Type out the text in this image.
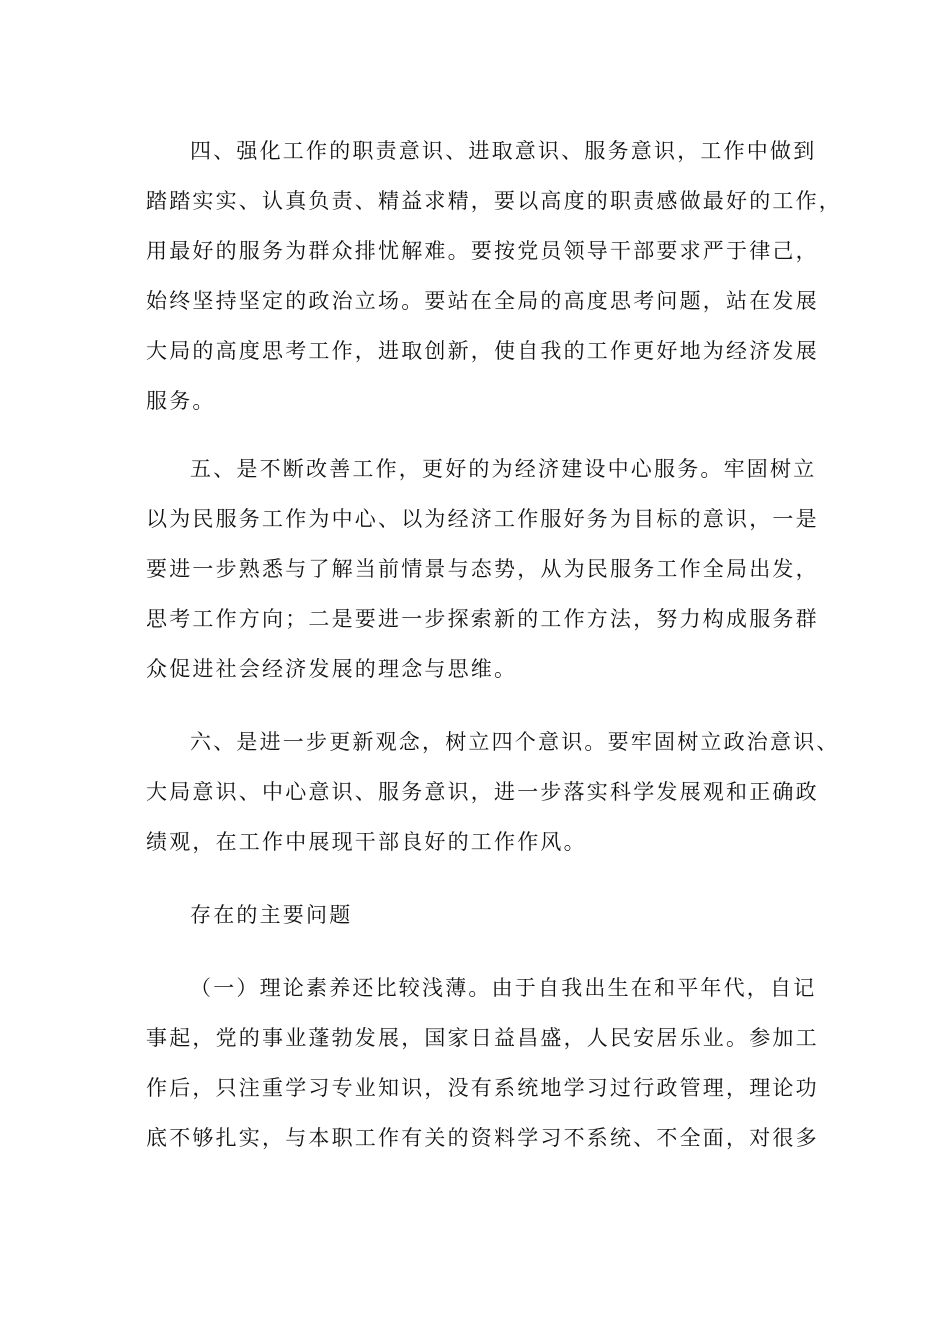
四、强化工作的职责意识、进取意识、服务意识，工作中做到
踏踏实实、认真负责、精益求精，要以高度的职责感做最好的工作，
用最好的服务为群众排忧解难。要按党员领导干部要求严于律己，
始终坚持坚定的政治立场。要站在全局的高度思考问题，站在发展
大局的高度思考工作，进取创新，使自我的工作更好地为经济发展
服务。
五、是不断改善工作，更好的为经济建设中心服务。牢固树立
以为民服务工作为中心、以为经济工作服好务为目标的意识，一是
要进一步熟悉与了解当前情景与态势，从为民服务工作全局出发，
思考工作方向；二是要进一步探索新的工作方法，努力构成服务群
众促进社会经济发展的理念与思维。
六、是进一步更新观念，树立四个意识。要牢固树立政治意识、
大局意识、中心意识、服务意识，进一步落实科学发展观和正确政
绩观，在工作中展现干部良好的工作作风。
存在的主要问题
（一）理论素养还比较浅薄。由于自我出生在和平年代，自记
事起，党的事业蓬勃发展，国家日益昌盛，人民安居乐业。参加工
作后，只注重学习专业知识，没有系统地学习过行政管理，理论功
底不够扎实，与本职工作有关的资料学习不系统、不全面，对很多
